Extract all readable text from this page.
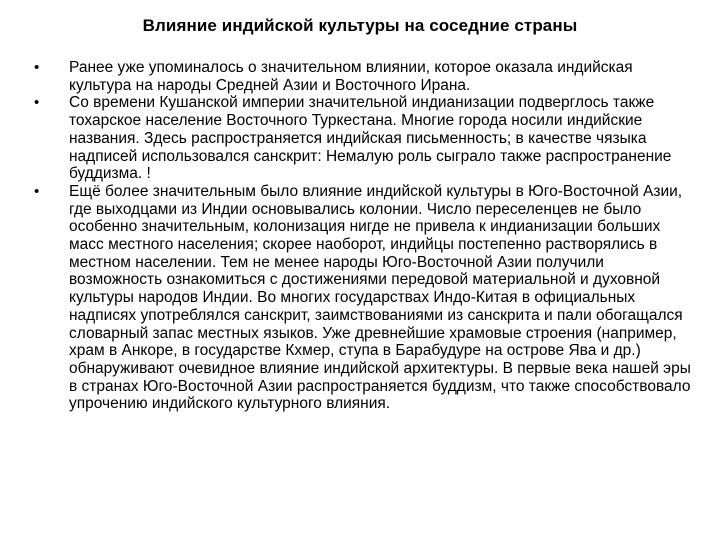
Влияние индийской культуры на соседние страны
•	Ранее уже упоминалось о значительном влиянии, которое оказала индийская культура на народы Средней Азии и Восточного Ирана.
•	Со времени Кушанской империи значительной индианизации подверглось также тохарское население Восточного Туркестана. Многие города носили индийские названия. Здесь распространяется индийская письменность; в качестве чязыка надписей использовался санскрит: Немалую роль сыграло также распространение буддизма. !
•	Ещё более значительным было влияние индийской культуры в Юго-Восточной Азии, где выходцами из Индии основывались колонии. Число переселенцев не было особенно значительным, колонизация нигде не привела к индианизации больших масс местного населения; скорее наоборот, индийцы постепенно растворялись в местном населении. Тем не менее народы Юго-Восточной Азии получили возможность ознакомиться с достижениями передовой материальной и духовной культуры народов Индии. Во многих государствах Индо-Китая в официальных надписях употреблялся санскрит, заимствованиями из санскрита и пали обогащался словарный запас местных языков. Уже древнейшие храмовые строения (например, храм в Анкоре, в государстве Кхмер, ступа в Барабудуре на острове Ява и др.) обнаруживают очевидное влияние индийской архитектуры. В первые века нашей эры в странах Юго-Восточной Азии распространяется буддизм, что также способствовало упрочению индийского культурного влияния.
